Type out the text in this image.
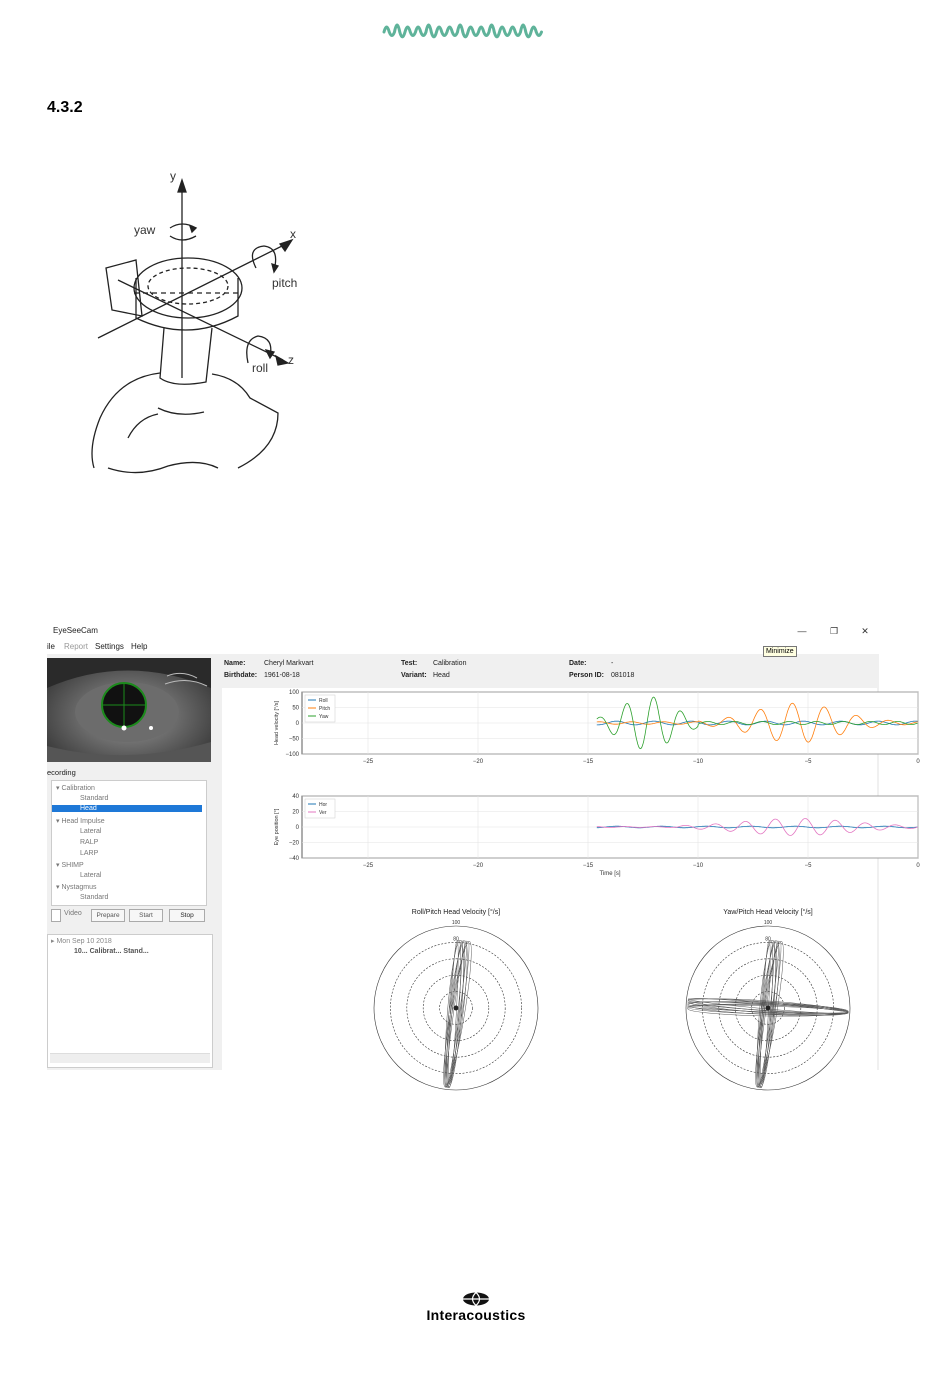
4.3.2
y
x
z
yaw
pitch
roll
EyeSeeCam	—	❐	✕
ile Report Settings Help
ecording
▾ Calibration
Standard
Head
▾ Head Impulse
Lateral
RALP
LARP
▾ SHIMP
Lateral
▾ Nystagmus
Standard
Video	Prepare	Start	Stop
▸ Mon Sep 10 2018
10... Calibrat... Stand...
Name:	Cheryl Markvart
Birthdate: 1961-08-18
Test: Calibration
Variant: Head
Date:	-
Person ID: 081018
−25	−20	−15	−10	−5	0
100
50
0
−50
−100
Head velocity [°/s]	Roll
Pitch
Yaw
−25	−20	−15	−10	−5	0
40
20
0
−20
−40
Eye position [°]
Time [s]
Hor
Ver
Roll/Pitch Head Velocity [°/s]
100
80
Yaw/Pitch Head Velocity [°/s]
100
80
Minimize
Interacoustics
